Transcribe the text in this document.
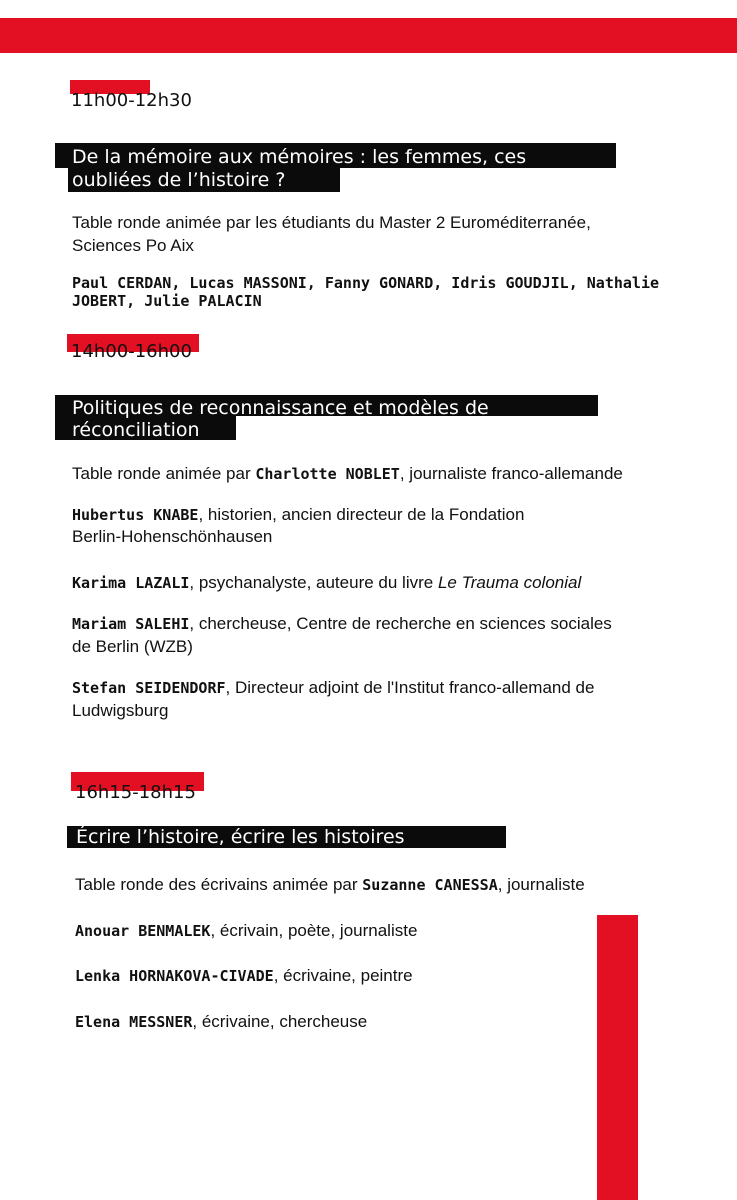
11h00-12h30
De la mémoire aux mémoires : les femmes, ces
oubliées de l’histoire ?
Table ronde animée par les étudiants du Master 2 Euroméditerranée,
Sciences Po Aix
Paul CERDAN, Lucas MASSONI, Fanny GONARD, Idris GOUDJIL, Nathalie
JOBERT, Julie PALACIN
14h00-16h00
Politiques de reconnaissance et modèles de
réconciliation
Table ronde animée par Charlotte NOBLET, journaliste franco-allemande
Hubertus KNABE, historien, ancien directeur de la Fondation
Berlin-Hohenschönhausen
Karima LAZALI, psychanalyste, auteure du livre Le Trauma colonial
Mariam SALEHI, chercheuse, Centre de recherche en sciences sociales
de Berlin (WZB)
Stefan SEIDENDORF, Directeur adjoint de l'Institut franco-allemand de
Ludwigsburg
16h15-18h15
Écrire l’histoire, écrire les histoires
Table ronde des écrivains animée par Suzanne CANESSA, journaliste
Anouar BENMALEK, écrivain, poète, journaliste
Lenka HORNAKOVA-CIVADE, écrivaine, peintre
Elena MESSNER, écrivaine, chercheuse
